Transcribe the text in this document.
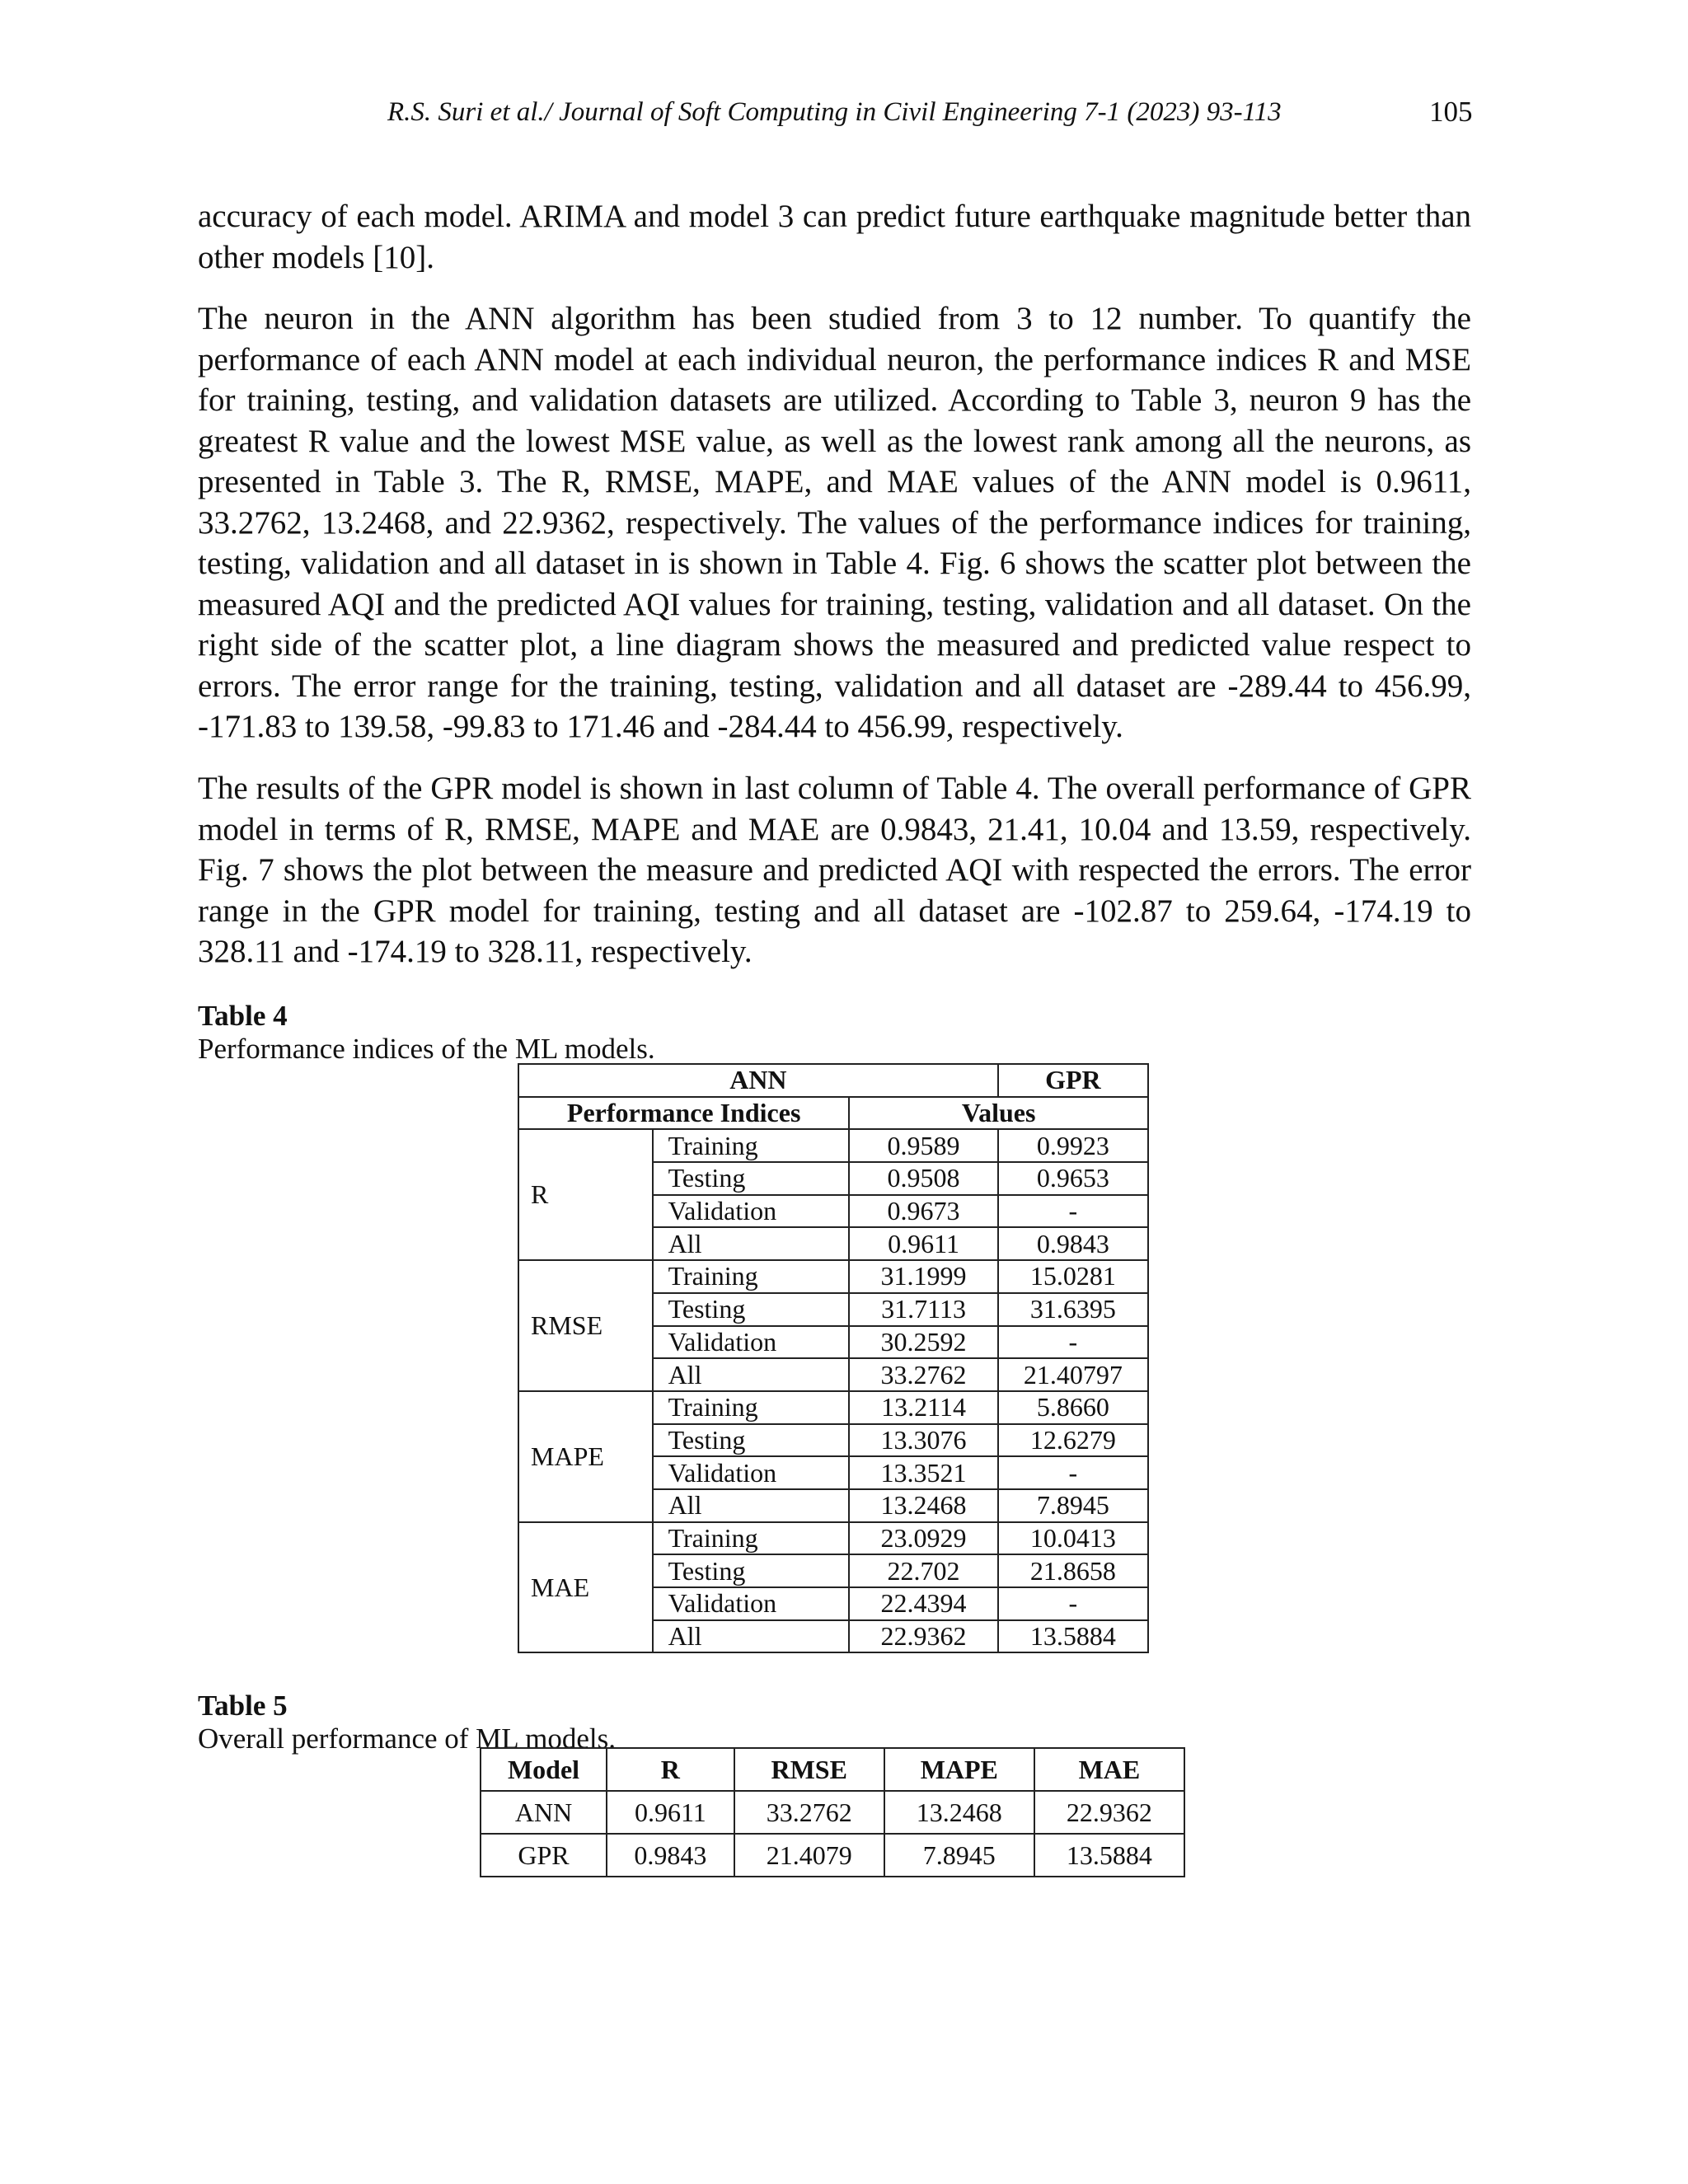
R.S. Suri et al./ Journal of Soft Computing in Civil Engineering 7-1 (2023) 93-113	105

accuracy of each model. ARIMA and model 3 can predict future earthquake magnitude better than other models [10].

The neuron in the ANN algorithm has been studied from 3 to 12 number. To quantify the performance of each ANN model at each individual neuron, the performance indices R and MSE for training, testing, and validation datasets are utilized. According to Table 3, neuron 9 has the greatest R value and the lowest MSE value, as well as the lowest rank among all the neurons, as presented in Table 3. The R, RMSE, MAPE, and MAE values of the ANN model is 0.9611, 33.2762, 13.2468, and 22.9362, respectively. The values of the performance indices for training, testing, validation and all dataset in is shown in Table 4. Fig. 6 shows the scatter plot between the measured AQI and the predicted AQI values for training, testing, validation and all dataset. On the right side of the scatter plot, a line diagram shows the measured and predicted value respect to errors. The error range for the training, testing, validation and all dataset are -289.44 to 456.99, -171.83 to 139.58, -99.83 to 171.46 and -284.44 to 456.99, respectively.

The results of the GPR model is shown in last column of Table 4. The overall performance of GPR model in terms of R, RMSE, MAPE and MAE are 0.9843, 21.41, 10.04 and 13.59, respectively. Fig. 7 shows the plot between the measure and predicted AQI with respected the errors. The error range in the GPR model for training, testing and all dataset are -102.87 to 259.64, -174.19 to 328.11 and -174.19 to 328.11, respectively.

Table 4
Performance indices of the ML models.
ANN			GPR
Performance Indices		Values	
R	Training	0.9589	0.9923
	Testing	0.9508	0.9653
	Validation	0.9673	-
	All	0.9611	0.9843
RMSE	Training	31.1999	15.0281
	Testing	31.7113	31.6395
	Validation	30.2592	-
	All	33.2762	21.40797
MAPE	Training	13.2114	5.8660
	Testing	13.3076	12.6279
	Validation	13.3521	-
	All	13.2468	7.8945
MAE	Training	23.0929	10.0413
	Testing	22.702	21.8658
	Validation	22.4394	-
	All	22.9362	13.5884
Table 5
Overall performance of ML models.
Model	R	RMSE	MAPE	MAE
ANN	0.9611	33.2762	13.2468	22.9362
GPR	0.9843	21.4079	7.8945	13.5884
